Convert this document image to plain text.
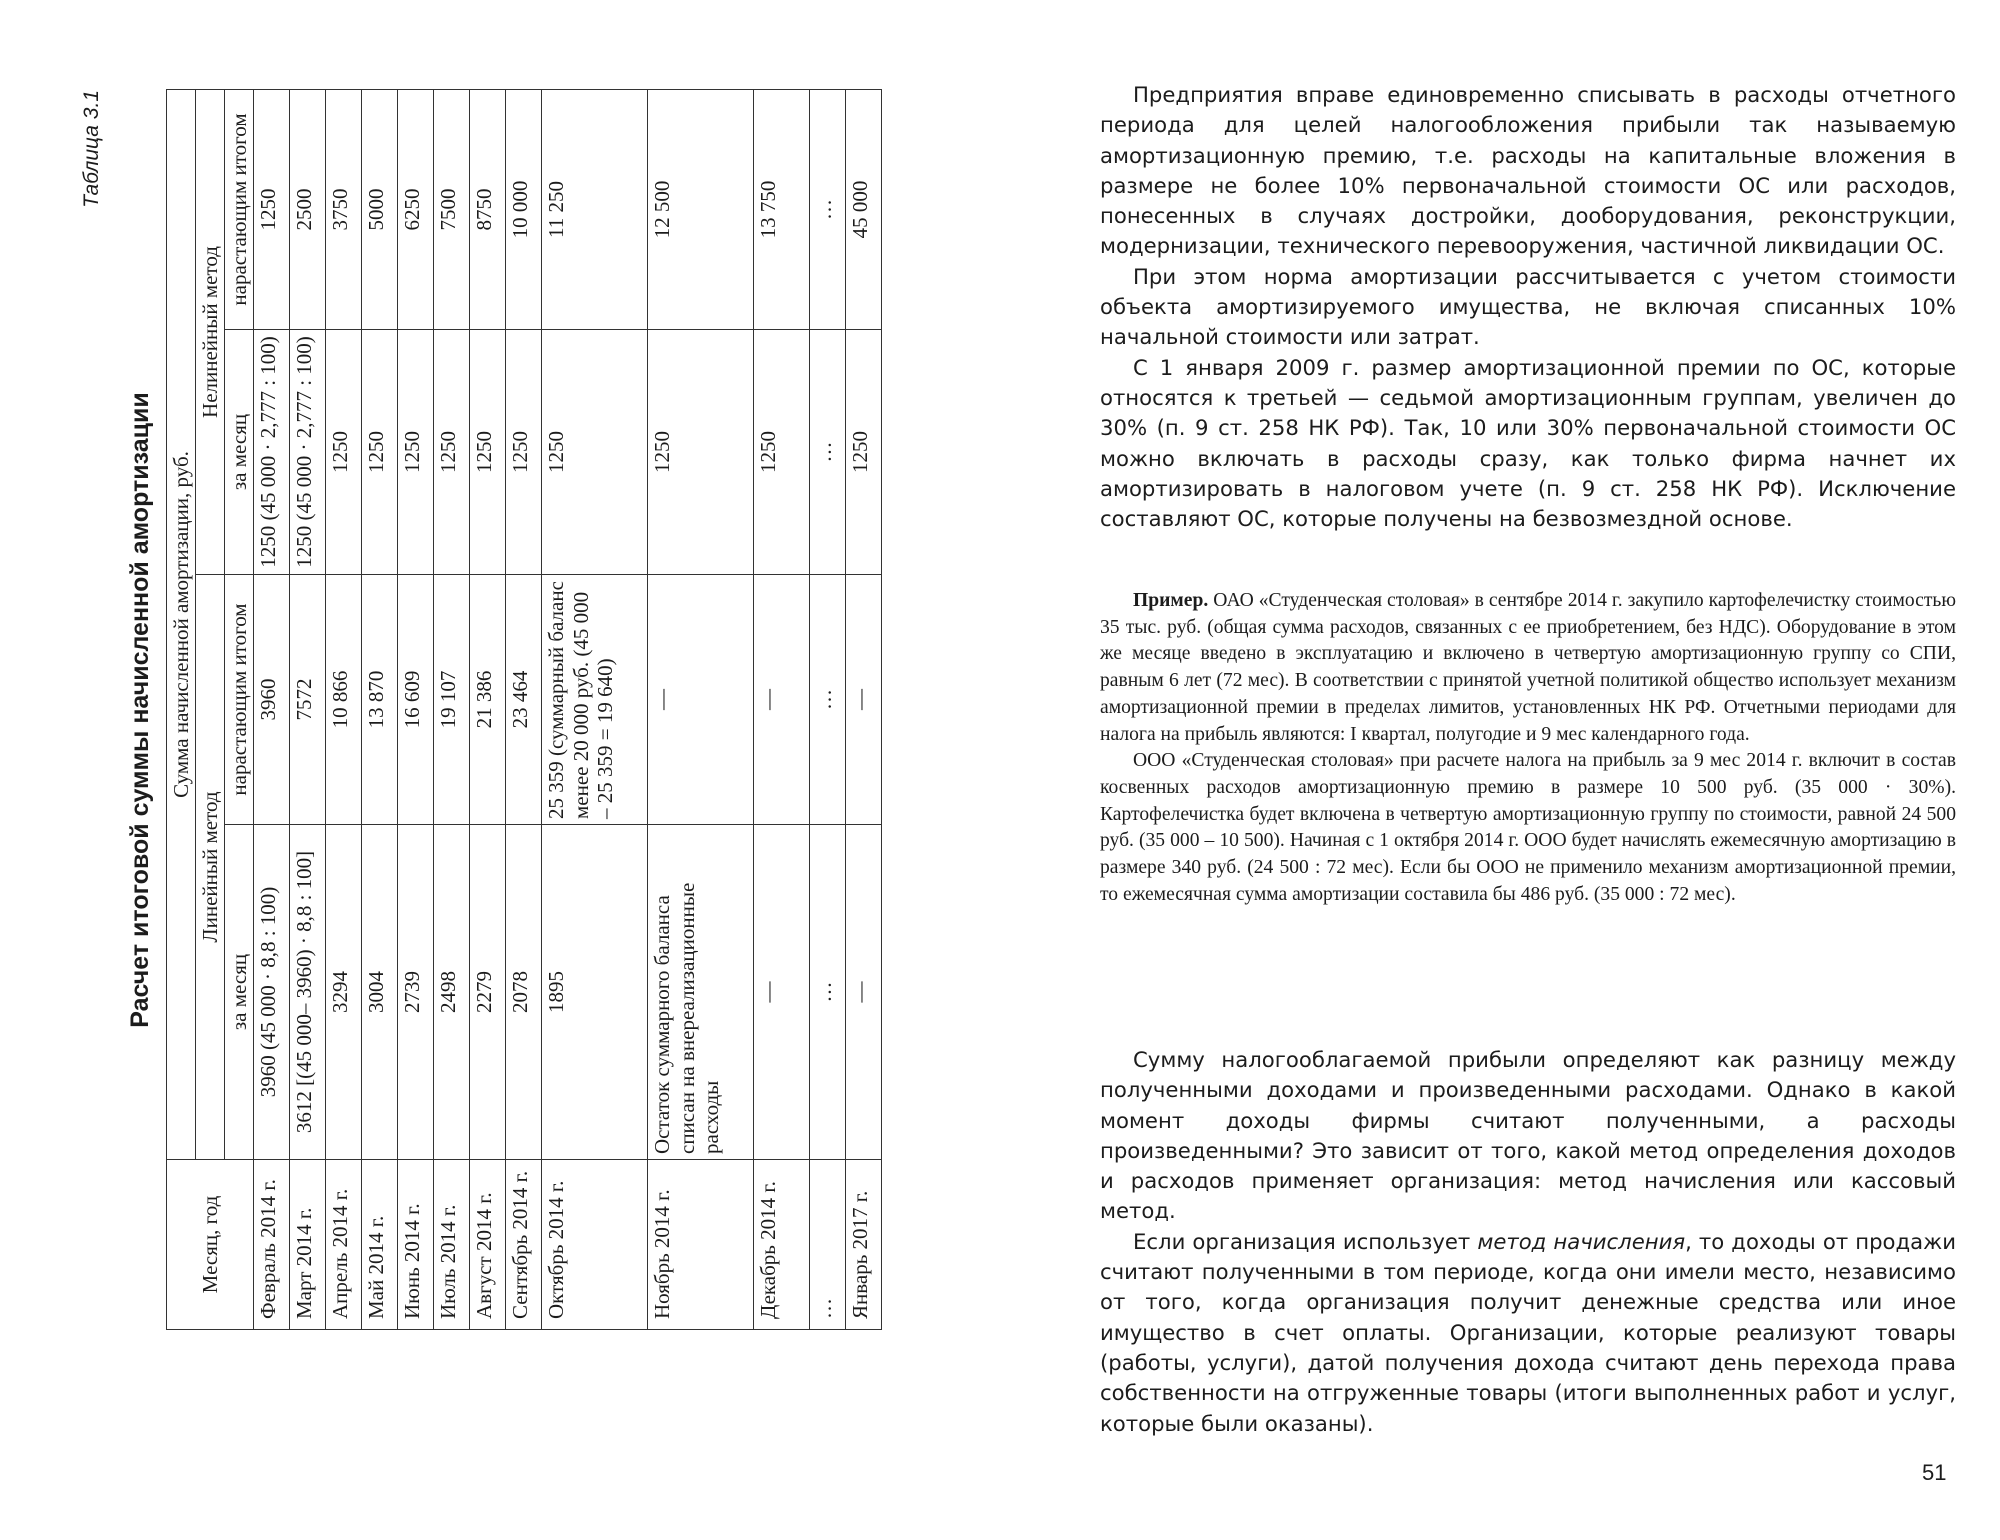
Таблица 3.1
Расчет итоговой суммы начисленной амортизации
Месяц, год	Сумма начисленной амортизации, руб.			
	Линейный метод		Нелинейный метод	
	за месяц	нарастающим итогом	за месяц	нарастающим итогом
Февраль 2014 г.	3960 (45 000 · 8,8 : 100)	3960	1250 (45 000 · 2,777 : 100)	1250
Март 2014 г.	3612 [(45 000– 3960) · 8,8 : 100]	7572	1250 (45 000 · 2,777 : 100)	2500
Апрель 2014 г.	3294	10 866	1250	3750
Май 2014 г.	3004	13 870	1250	5000
Июнь 2014 г.	2739	16 609	1250	6250
Июль 2014 г.	2498	19 107	1250	7500
Август 2014 г.	2279	21 386	1250	8750
Сентябрь 2014 г.	2078	23 464	1250	10 000
Октябрь 2014 г.	1895	25 359 (суммарный баланс менее 20 000 руб. (45 000 – 25 359 = 19 640)	1250	11 250
Ноябрь 2014 г.	Остаток суммарного баланса списан на внереализационные расходы	—	1250	12 500
Декабрь 2014 г.	—	—	1250	13 750
…	…	…	…	…
Январь 2017 г.	—	—	1250	45 000

Предприятия вправе единовременно списывать в расходы отчетного периода для целей налогообложения прибыли так называемую амортизационную премию, т.е. расходы на капитальные вложения в размере не более 10% первоначальной стоимости ОС или расходов, понесенных в случаях достройки, дооборудования, реконструкции, модернизации, технического перевооружения, частичной ликвидации ОС.

При этом норма амортизации рассчитывается с учетом стоимости объекта амортизируемого имущества, не включая списанных 10% начальной стоимости или затрат.

С 1 января 2009 г. размер амортизационной премии по ОС, которые относятся к третьей — седьмой амортизационным группам, увеличен до 30% (п. 9 ст. 258 НК РФ). Так, 10 или 30% первоначальной стоимости ОС можно включать в расходы сразу, как только фирма начнет их амортизировать в налоговом учете (п. 9 ст. 258 НК РФ). Исключение составляют ОС, которые получены на безвозмездной основе.

Пример. ОАО «Студенческая столовая» в сентябре 2014 г. закупило картофелечистку стоимостью 35 тыс. руб. (общая сумма расходов, связанных с ее приобретением, без НДС). Оборудование в этом же месяце введено в эксплуатацию и включено в четвертую амортизационную группу со СПИ, равным 6 лет (72 мес). В соответствии с принятой учетной политикой общество использует механизм амортизационной премии в пределах лимитов, установленных НК РФ. Отчетными периодами для налога на прибыль являются: I квартал, полугодие и 9 мес календарного года.

ООО «Студенческая столовая» при расчете налога на прибыль за 9 мес 2014 г. включит в состав косвенных расходов амортизационную премию в размере 10 500 руб. (35 000 · 30%). Картофелечистка будет включена в четвертую амортизационную группу по стоимости, равной 24 500 руб. (35 000 – 10 500). Начиная с 1 октября 2014 г. ООО будет начислять ежемесячную амортизацию в размере 340 руб. (24 500 : 72 мес). Если бы ООО не применило механизм амортизационной премии, то ежемесячная сумма амортизации составила бы 486 руб. (35 000 : 72 мес).

Сумму налогооблагаемой прибыли определяют как разницу между полученными доходами и произведенными расходами. Однако в какой момент доходы фирмы считают полученными, а расходы произведенными? Это зависит от того, какой метод определения доходов и расходов применяет организация: метод начисления или кассовый метод.

Если организация использует метод начисления, то доходы от продажи считают полученными в том периоде, когда они имели место, независимо от того, когда организация получит денежные средства или иное имущество в счет оплаты. Организации, которые реализуют товары (работы, услуги), датой получения дохода считают день перехода права собственности на отгруженные товары (итоги выполненных работ и услуг, которые были оказаны).

51
